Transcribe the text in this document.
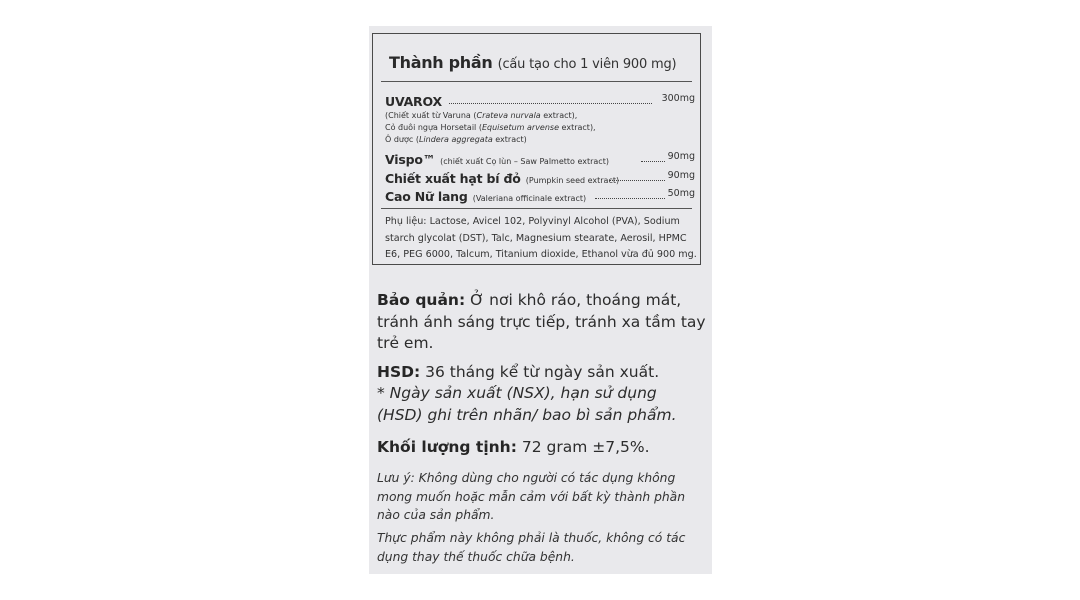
Thành phần (cấu tạo cho 1 viên 900 mg)
UVAROX	300mg
(Chiết xuất từ Varuna (Crateva nurvala extract),
Cỏ đuôi ngựa Horsetail (Equisetum arvense extract),
Ô dược (Lindera aggregata extract)
Vispo™ (chiết xuất Cọ lùn – Saw Palmetto extract)	90mg
Chiết xuất hạt bí đỏ (Pumpkin seed extract)	90mg
Cao Nữ lang (Valeriana officinale extract)	50mg
Phụ liệu: Lactose, Avicel 102, Polyvinyl Alcohol (PVA), Sodium starch glycolat (DST), Talc, Magnesium stearate, Aerosil, HPMC E6, PEG 6000, Talcum, Titanium dioxide, Ethanol vừa đủ 900 mg.
Bảo quản: Ở nơi khô ráo, thoáng mát, tránh ánh sáng trực tiếp, tránh xa tầm tay trẻ em.
HSD: 36 tháng kể từ ngày sản xuất.
* Ngày sản xuất (NSX), hạn sử dụng (HSD) ghi trên nhãn/ bao bì sản phẩm.
Khối lượng tịnh: 72 gram ±7,5%.
Lưu ý: Không dùng cho người có tác dụng không mong muốn hoặc mẫn cảm với bất kỳ thành phần nào của sản phẩm.
Thực phẩm này không phải là thuốc, không có tác dụng thay thế thuốc chữa bệnh.
